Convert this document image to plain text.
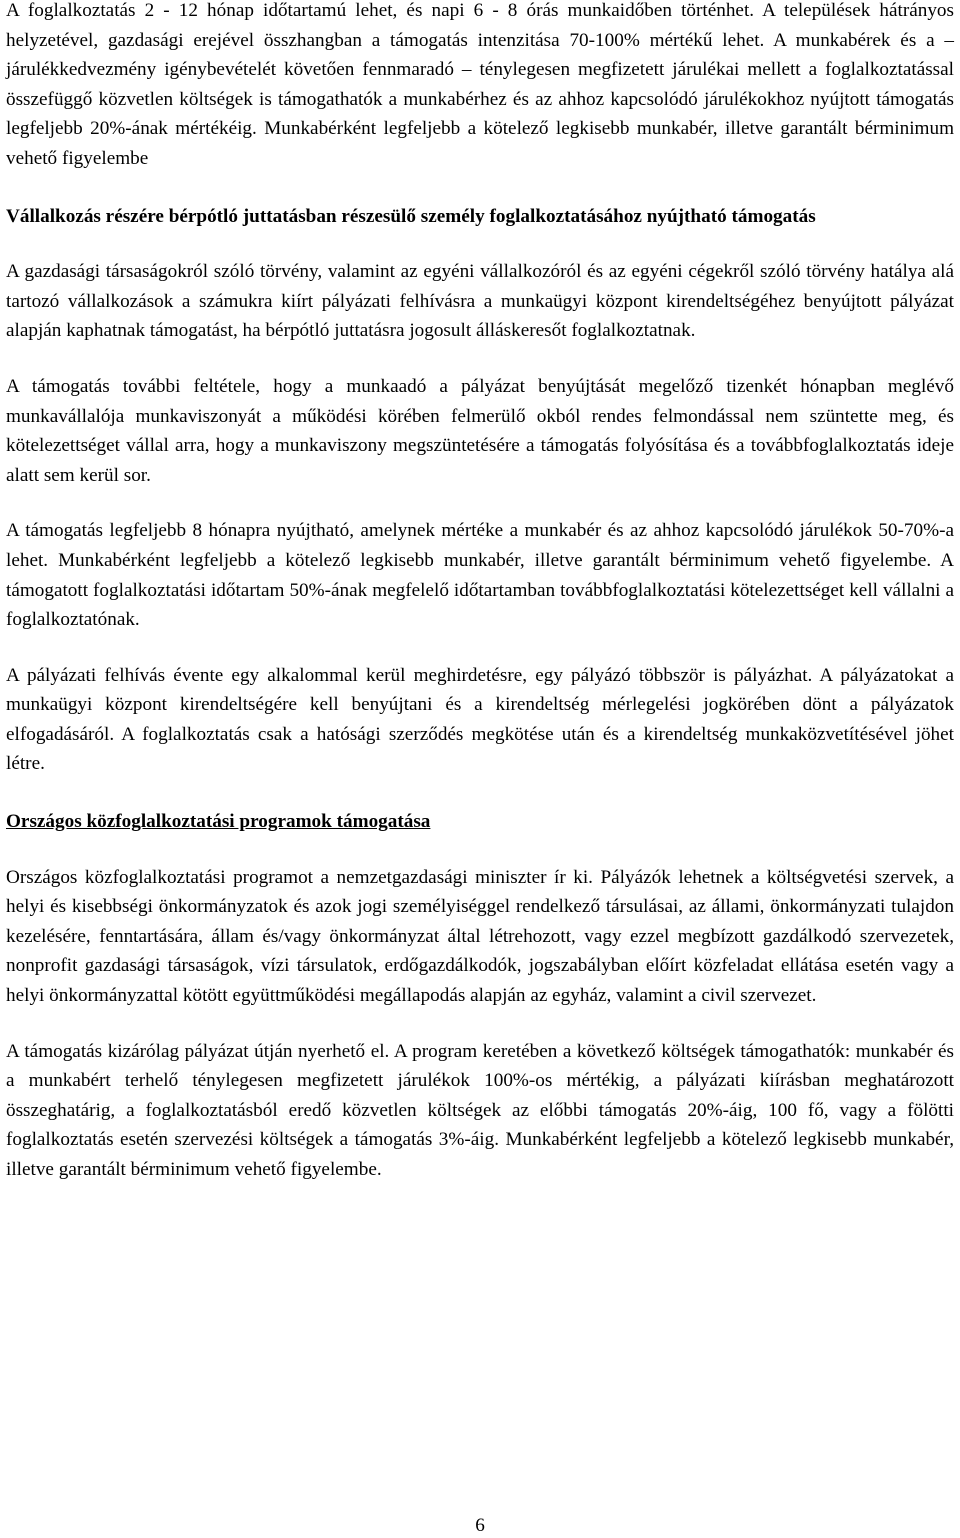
A foglalkoztatás 2 - 12 hónap időtartamú lehet, és napi 6 - 8 órás munkaidőben történhet. A települések hátrányos helyzetével, gazdasági erejével összhangban a támogatás intenzitása 70-100% mértékű lehet. A munkabérek és a – járulékkedvezmény igénybevételét követően fennmaradó – ténylegesen megfizetett járulékai mellett a foglalkoztatással összefüggő közvetlen költségek is támogathatók a munkabérhez és az ahhoz kapcsolódó járulékokhoz nyújtott támogatás legfeljebb 20%-ának mértékéig. Munkabérként legfeljebb a kötelező legkisebb munkabér, illetve garantált bérminimum vehető figyelembe

Vállalkozás részére bérpótló juttatásban részesülő személy foglalkoztatásához nyújtható támogatás

A gazdasági társaságokról szóló törvény, valamint az egyéni vállalkozóról és az egyéni cégekről szóló törvény hatálya alá tartozó vállalkozások a számukra kiírt pályázati felhívásra a munkaügyi központ kirendeltségéhez benyújtott pályázat alapján kaphatnak támogatást, ha bérpótló juttatásra jogosult álláskeresőt foglalkoztatnak.

A támogatás további feltétele, hogy a munkaadó a pályázat benyújtását megelőző tizenkét hónapban meglévő munkavállalója munkaviszonyát a működési körében felmerülő okból rendes felmondással nem szüntette meg, és kötelezettséget vállal arra, hogy a munkaviszony megszüntetésére a támogatás folyósítása és a továbbfoglalkoztatás ideje alatt sem kerül sor.

A támogatás legfeljebb 8 hónapra nyújtható, amelynek mértéke a munkabér és az ahhoz kapcsolódó járulékok 50-70%-a lehet. Munkabérként legfeljebb a kötelező legkisebb munkabér, illetve garantált bérminimum vehető figyelembe. A támogatott foglalkoztatási időtartam 50%-ának megfelelő időtartamban továbbfoglalkoztatási kötelezettséget kell vállalni a foglalkoztatónak.

A pályázati felhívás évente egy alkalommal kerül meghirdetésre, egy pályázó többször is pályázhat. A pályázatokat a munkaügyi központ kirendeltségére kell benyújtani és a kirendeltség mérlegelési jogkörében dönt a pályázatok elfogadásáról. A foglalkoztatás csak a hatósági szerződés megkötése után és a kirendeltség munkaközvetítésével jöhet létre.

Országos közfoglalkoztatási programok támogatása

Országos közfoglalkoztatási programot a nemzetgazdasági miniszter ír ki. Pályázók lehetnek a költségvetési szervek, a helyi és kisebbségi önkormányzatok és azok jogi személyiséggel rendelkező társulásai, az állami, önkormányzati tulajdon kezelésére, fenntartására, állam és/vagy önkormányzat által létrehozott, vagy ezzel megbízott gazdálkodó szervezetek, nonprofit gazdasági társaságok, vízi társulatok, erdőgazdálkodók, jogszabályban előírt közfeladat ellátása esetén vagy a helyi önkormányzattal kötött együttműködési megállapodás alapján az egyház, valamint a civil szervezet.

A támogatás kizárólag pályázat útján nyerhető el. A program keretében a következő költségek támogathatók: munkabér és a munkabért terhelő ténylegesen megfizetett járulékok 100%-os mértékig, a pályázati kiírásban meghatározott összeghatárig, a foglalkoztatásból eredő közvetlen költségek az előbbi támogatás 20%-áig, 100 fő, vagy a fölötti foglalkoztatás esetén szervezési költségek a támogatás 3%-áig. Munkabérként legfeljebb a kötelező legkisebb munkabér, illetve garantált bérminimum vehető figyelembe.

6
